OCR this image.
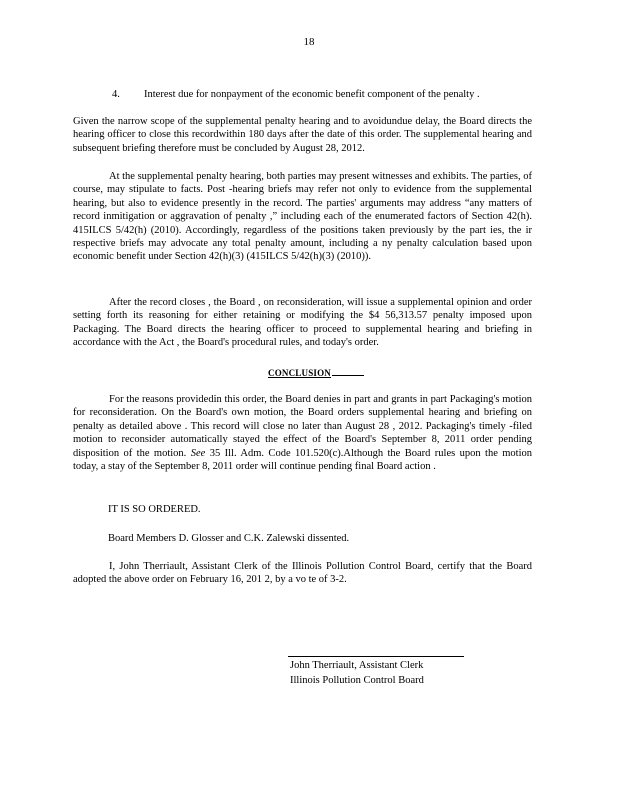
18
4. Interest due for nonpayment of the economic benefit component of the penalty .
Given the narrow scope of the supplemental penalty hearing and to avoidundue delay, the Board directs the hearing officer to close this recordwithin 180 days after the date of this order. The supplemental hearing and subsequent briefing therefore must be concluded by August 28, 2012.
At the supplemental penalty hearing, both parties may present witnesses and exhibits. The parties, of course, may stipulate to facts. Post -hearing briefs may refer not only to evidence from the supplemental hearing, but also to evidence presently in the record. The parties' arguments may address “any matters of record inmitigation or aggravation of penalty ,” including each of the enumerated factors of Section 42(h). 415ILCS 5/42(h) (2010). Accordingly, regardless of the positions taken previously by the part ies, the ir respective briefs may advocate any total penalty amount, including a ny penalty calculation based upon economic benefit under Section 42(h)(3) (415ILCS 5/42(h)(3) (2010)).
After the record closes , the Board , on reconsideration, will issue a supplemental opinion and order setting forth its reasoning for either retaining or modifying the $4 56,313.57 penalty imposed upon Packaging. The Board directs the hearing officer to proceed to supplemental hearing and briefing in accordance with the Act , the Board's procedural rules, and today's order.
CONCLUSION
For the reasons providedin this order, the Board denies in part and grants in part Packaging's motion for reconsideration. On the Board's own motion, the Board orders supplemental hearing and briefing on penalty as detailed above . This record will close no later than August 28 , 2012. Packaging's timely -filed motion to reconsider automatically stayed the effect of the Board's September 8, 2011 order pending disposition of the motion. See 35 Ill. Adm. Code 101.520(c).Although the Board rules upon the motion today, a stay of the September 8, 2011 order will continue pending final Board action .
IT IS SO ORDERED.
Board Members D. Glosser and C.K. Zalewski dissented.
I, John Therriault, Assistant Clerk of the Illinois Pollution Control Board, certify that the Board adopted the above order on February 16, 201 2, by a vo te of 3-2.
John Therriault, Assistant Clerk
Illinois Pollution Control Board
